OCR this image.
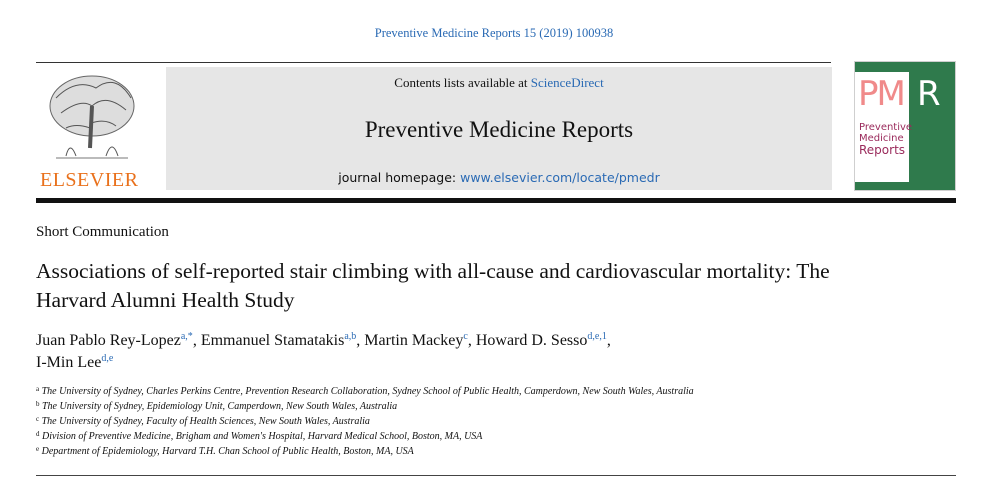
Preventive Medicine Reports 15 (2019) 100938
ELSEVIER
Contents lists available at ScienceDirect
Preventive Medicine Reports
journal homepage: www.elsevier.com/locate/pmedr
PM R
Preventive
Medicine
Reports
Short Communication
Associations of self-reported stair climbing with all-cause and cardiovascular mortality: The Harvard Alumni Health Study
Juan Pablo Rey-Lopez$^{a,*}$, Emmanuel Stamatakis$^{a,b}$, Martin Mackey$^c$, Howard D. Sesso$^{d,e,1}$,
I-Min Lee$^{d,e}$
$^a$ The University of Sydney, Charles Perkins Centre, Prevention Research Collaboration, Sydney School of Public Health, Camperdown, New South Wales, Australia
$^b$ The University of Sydney, Epidemiology Unit, Camperdown, New South Wales, Australia
$^c$ The University of Sydney, Faculty of Health Sciences, New South Wales, Australia
$^d$ Division of Preventive Medicine, Brigham and Women's Hospital, Harvard Medical School, Boston, MA, USA
$^e$ Department of Epidemiology, Harvard T.H. Chan School of Public Health, Boston, MA, USA
